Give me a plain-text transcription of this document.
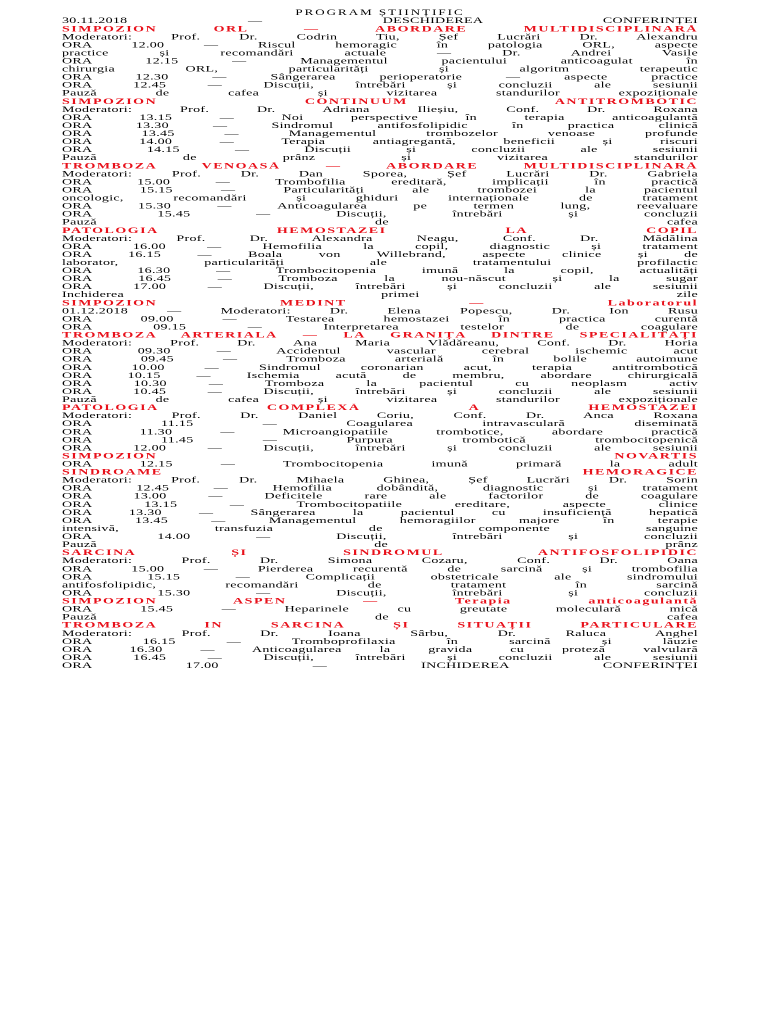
PROGRAM ȘTIINȚIFIC
30.11.2018 — DESCHIDEREA CONFERINȚEI
SIMPOZION ORL — ABORDARE MULTIDISCIPLINARĂ
Moderatori: Prof. Dr. Codrin Tiu, Șef Lucrări Dr. Alexandru
ORA 12.00 — Riscul hemoragic în patologia ORL, aspecte
practice și recomandări actuale — Dr. Andrei Vasile
ORA 12.15 — Managementul pacientului anticoagulat în
chirurgia ORL, particularități și algoritm terapeutic
ORA 12.30 — Sângerarea perioperatorie — aspecte practice
ORA 12.45 — Discuții, întrebări și concluzii ale sesiunii
Pauză de cafea și vizitarea standurilor expoziționale
SIMPOZION CONTINUUM ANTITROMBOTIC
Moderatori: Prof. Dr. Adriana Ilieșiu, Conf. Dr. Roxana
ORA 13.15 — Noi perspective în terapia anticoagulantă
ORA 13.30 — Sindromul antifosfolipidic în practica clinică
ORA 13.45 — Managementul trombozelor venoase profunde
ORA 14.00 — Terapia antiagregantă, beneficii și riscuri
ORA 14.15 — Discuții și concluzii ale sesiunii
Pauză de prânz și vizitarea standurilor
TROMBOZA VENOASĂ — ABORDARE MULTIDISCIPLINARĂ
Moderatori: Prof. Dr. Dan Sporea, Șef Lucrări Dr. Gabriela
ORA 15.00 — Trombofilia ereditară, implicații în practică
ORA 15.15 — Particularități ale trombozei la pacientul
oncologic, recomandări și ghiduri internaționale de tratament
ORA 15.30 — Anticoagularea pe termen lung, reevaluare
ORA 15.45 — Discuții, întrebări și concluzii
Pauză de cafea
PATOLOGIA HEMOSTAZEI LA COPIL
Moderatori: Prof. Dr. Alexandra Neagu, Conf. Dr. Mădălina
ORA 16.00 — Hemofilia la copil, diagnostic și tratament
ORA 16.15 — Boala von Willebrand, aspecte clinice și de
laborator, particularități ale tratamentului profilactic
ORA 16.30 — Trombocitopenia imună la copil, actualități
ORA 16.45 — Tromboza la nou-născut și la sugar
ORA 17.00 — Discuții, întrebări și concluzii ale sesiunii
Închiderea primei zile
SIMPOZION MEDINT — Laboratorul
01.12.2018 — Moderatori: Dr. Elena Popescu, Dr. Ion Rusu
ORA 09.00 — Testarea hemostazei în practica curentă
ORA 09.15 — Interpretarea testelor de coagulare
TROMBOZA ARTERIALĂ — LA GRANIȚA DINTRE SPECIALITĂȚI
Moderatori: Prof. Dr. Ana Maria Vlădăreanu, Conf. Dr. Horia
ORA 09.30 — Accidentul vascular cerebral ischemic acut
ORA 09.45 — Tromboza arterială în bolile autoimune
ORA 10.00 — Sindromul coronarian acut, terapia antitrombotică
ORA 10.15 — Ischemia acută de membru, abordare chirurgicală
ORA 10.30 — Tromboza la pacientul cu neoplasm activ
ORA 10.45 — Discuții, întrebări și concluzii ale sesiunii
Pauză de cafea și vizitarea standurilor expoziționale
PATOLOGIA COMPLEXĂ A HEMOSTAZEI
Moderatori: Prof. Dr. Daniel Coriu, Conf. Dr. Anca Roxana
ORA 11.15 — Coagularea intravasculară diseminată
ORA 11.30 — Microangiopatiile trombotice, abordare practică
ORA 11.45 — Purpura trombotică trombocitopenică
ORA 12.00 — Discuții, întrebări și concluzii ale sesiunii
SIMPOZION NOVARTIS
ORA 12.15 — Trombocitopenia imună primară la adult
SINDROAME HEMORAGICE
Moderatori: Prof. Dr. Mihaela Ghinea, Șef Lucrări Dr. Sorin
ORA 12.45 — Hemofilia dobândită, diagnostic și tratament
ORA 13.00 — Deficitele rare ale factorilor de coagulare
ORA 13.15 — Trombocitopatiile ereditare, aspecte clinice
ORA 13.30 — Sângerarea la pacientul cu insuficiență hepatică
ORA 13.45 — Managementul hemoragiilor majore în terapie
intensivă, transfuzia de componente sanguine
ORA 14.00 — Discuții, întrebări și concluzii
Pauză de prânz
SARCINA ȘI SINDROMUL ANTIFOSFOLIPIDIC
Moderatori: Prof. Dr. Simona Cozaru, Conf. Dr. Oana
ORA 15.00 — Pierderea recurentă de sarcină și trombofilia
ORA 15.15 — Complicații obstetricale ale sindromului
antifosfolipidic, recomandări de tratament în sarcină
ORA 15.30 — Discuții, întrebări și concluzii
SIMPOZION ASPEN — Terapia anticoagulantă
ORA 15.45 — Heparinele cu greutate moleculară mică
Pauză de cafea
TROMBOZA ÎN SARCINĂ ȘI SITUAȚII PARTICULARE
Moderatori: Prof. Dr. Ioana Sârbu, Dr. Raluca Anghel
ORA 16.15 — Tromboprofilaxia în sarcină și lăuzie
ORA 16.30 — Anticoagularea la gravida cu proteză valvulară
ORA 16.45 — Discuții, întrebări și concluzii ale sesiunii
ORA 17.00 — ÎNCHIDEREA CONFERINȚEI
